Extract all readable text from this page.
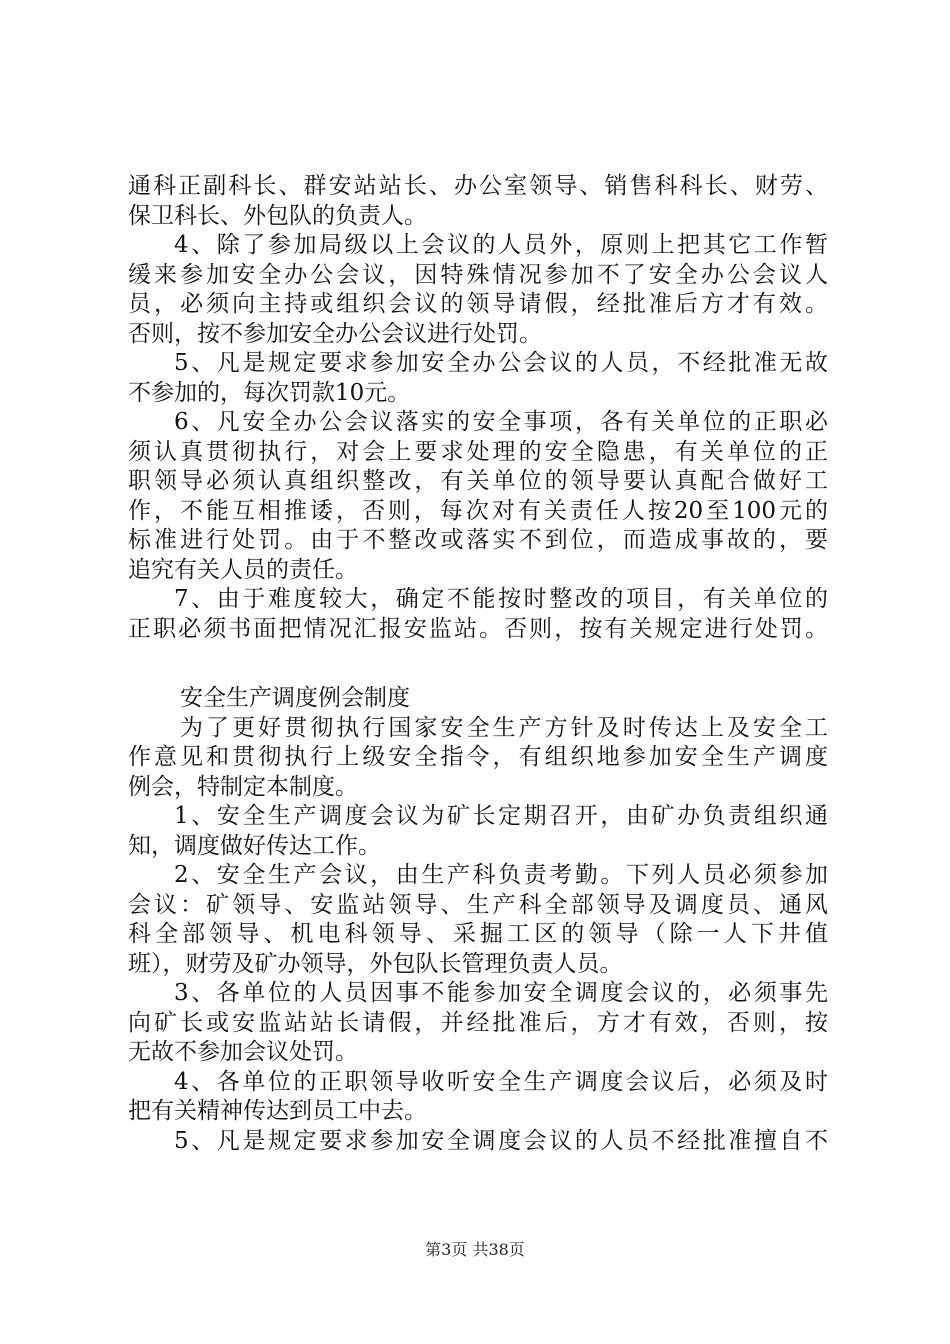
通科正副科长、群安站站长、办公室领导、销售科科长、财劳、
保卫科长、外包队的负责人。
4、除了参加局级以上会议的人员外，原则上把其它工作暂
缓来参加安全办公会议，因特殊情况参加不了安全办公会议人
员，必须向主持或组织会议的领导请假，经批准后方才有效。
否则，按不参加安全办公会议进行处罚。
5、凡是规定要求参加安全办公会议的人员，不经批准无故
不参加的，每次罚款10元。
6、凡安全办公会议落实的安全事项，各有关单位的正职必
须认真贯彻执行，对会上要求处理的安全隐患，有关单位的正
职领导必须认真组织整改，有关单位的领导要认真配合做好工
作，不能互相推诿，否则，每次对有关责任人按20至100元的
标准进行处罚。由于不整改或落实不到位，而造成事故的，要
追究有关人员的责任。
7、由于难度较大，确定不能按时整改的项目，有关单位的
正职必须书面把情况汇报安监站。否则，按有关规定进行处罚。
安全生产调度例会制度
为了更好贯彻执行国家安全生产方针及时传达上及安全工
作意见和贯彻执行上级安全指令，有组织地参加安全生产调度
例会，特制定本制度。
1、安全生产调度会议为矿长定期召开，由矿办负责组织通
知，调度做好传达工作。
2、安全生产会议，由生产科负责考勤。下列人员必须参加
会议：矿领导、安监站领导、生产科全部领导及调度员、通风
科全部领导、机电科领导、采掘工区的领导（除一人下井值
班），财劳及矿办领导，外包队长管理负责人员。
3、各单位的人员因事不能参加安全调度会议的，必须事先
向矿长或安监站站长请假，并经批准后，方才有效，否则，按
无故不参加会议处罚。
4、各单位的正职领导收听安全生产调度会议后，必须及时
把有关精神传达到员工中去。
5、凡是规定要求参加安全调度会议的人员不经批准擅自不
第3页 共38页
